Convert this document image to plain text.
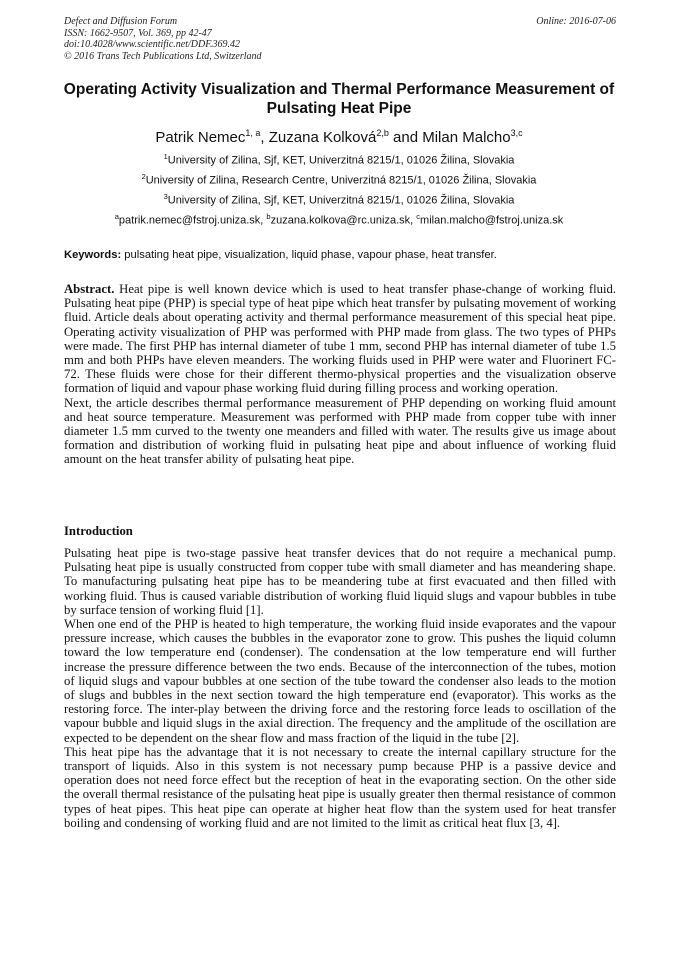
Defect and Diffusion Forum
ISSN: 1662-9507, Vol. 369, pp 42-47
doi:10.4028/www.scientific.net/DDF.369.42
© 2016 Trans Tech Publications Ltd, Switzerland
Online: 2016-07-06
Operating Activity Visualization and Thermal Performance Measurement of Pulsating Heat Pipe
Patrik Nemec$^{1, a}$, Zuzana Kolková$^{2,b}$ and Milan Malcho$^{3,c}$
$^1$University of Zilina, Sjf, KET, Univerzitná 8215/1, 01026 Žilina, Slovakia
$^2$University of Zilina, Research Centre, Univerzitná 8215/1, 01026 Žilina, Slovakia
$^3$University of Zilina, Sjf, KET, Univerzitná 8215/1, 01026 Žilina, Slovakia
$^a$patrik.nemec@fstroj.uniza.sk, $^b$zuzana.kolkova@rc.uniza.sk, $^c$milan.malcho@fstroj.uniza.sk
Keywords: pulsating heat pipe, visualization, liquid phase, vapour phase, heat transfer.

Abstract. Heat pipe is well known device which is used to heat transfer phase-change of working fluid. Pulsating heat pipe (PHP) is special type of heat pipe which heat transfer by pulsating movement of working fluid. Article deals about operating activity and thermal performance measurement of this special heat pipe. Operating activity visualization of PHP was performed with PHP made from glass. The two types of PHPs were made. The first PHP has internal diameter of tube 1 mm, second PHP has internal diameter of tube 1.5 mm and both PHPs have eleven meanders. The working fluids used in PHP were water and Fluorinert FC-72. These fluids were chose for their different thermo-physical properties and the visualization observe formation of liquid and vapour phase working fluid during filling process and working operation.

Next, the article describes thermal performance measurement of PHP depending on working fluid amount and heat source temperature. Measurement was performed with PHP made from copper tube with inner diameter 1.5 mm curved to the twenty one meanders and filled with water. The results give us image about formation and distribution of working fluid in pulsating heat pipe and about influence of working fluid amount on the heat transfer ability of pulsating heat pipe.

Introduction

Pulsating heat pipe is two-stage passive heat transfer devices that do not require a mechanical pump. Pulsating heat pipe is usually constructed from copper tube with small diameter and has meandering shape. To manufacturing pulsating heat pipe has to be meandering tube at first evacuated and then filled with working fluid. Thus is caused variable distribution of working fluid liquid slugs and vapour bubbles in tube by surface tension of working fluid [1].

When one end of the PHP is heated to high temperature, the working fluid inside evaporates and the vapour pressure increase, which causes the bubbles in the evaporator zone to grow. This pushes the liquid column toward the low temperature end (condenser). The condensation at the low temperature end will further increase the pressure difference between the two ends. Because of the interconnection of the tubes, motion of liquid slugs and vapour bubbles at one section of the tube toward the condenser also leads to the motion of slugs and bubbles in the next section toward the high temperature end (evaporator). This works as the restoring force. The inter-play between the driving force and the restoring force leads to oscillation of the vapour bubble and liquid slugs in the axial direction. The frequency and the amplitude of the oscillation are expected to be dependent on the shear flow and mass fraction of the liquid in the tube [2].

This heat pipe has the advantage that it is not necessary to create the internal capillary structure for the transport of liquids. Also in this system is not necessary pump because PHP is a passive device and operation does not need force effect but the reception of heat in the evaporating section. On the other side the overall thermal resistance of the pulsating heat pipe is usually greater then thermal resistance of common types of heat pipes. This heat pipe can operate at higher heat flow than the system used for heat transfer boiling and condensing of working fluid and are not limited to the limit as critical heat flux [3, 4].
